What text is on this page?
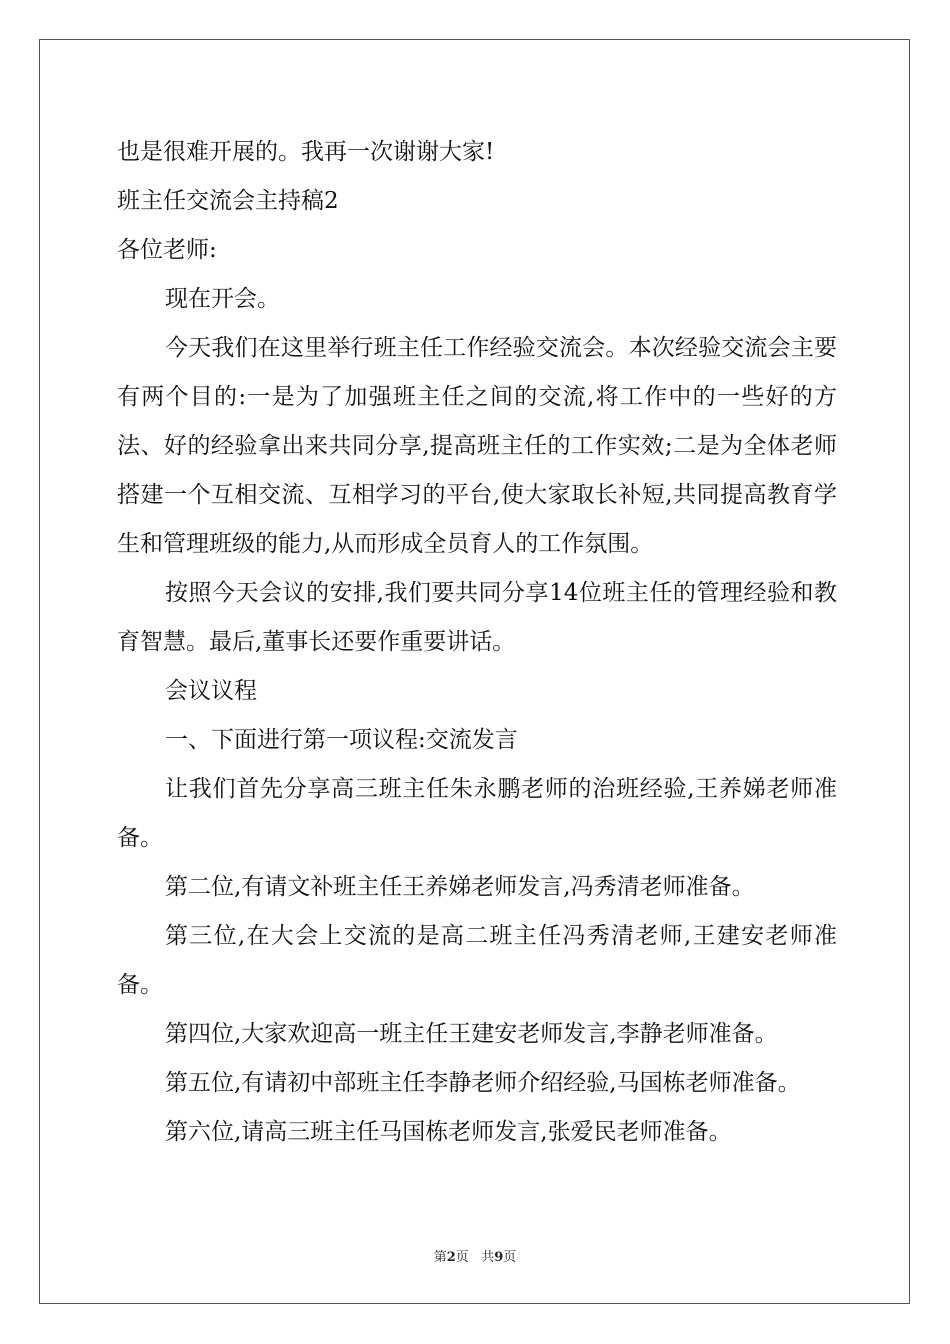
也是很难开展的。我再一次谢谢大家!

班主任交流会主持稿2

各位老师:

现在开会。

今天我们在这里举行班主任工作经验交流会。本次经验交流会主要有两个目的:一是为了加强班主任之间的交流,将工作中的一些好的方法、好的经验拿出来共同分享,提高班主任的工作实效;二是为全体老师搭建一个互相交流、互相学习的平台,使大家取长补短,共同提高教育学生和管理班级的能力,从而形成全员育人的工作氛围。

按照今天会议的安排,我们要共同分享14位班主任的管理经验和教育智慧。最后,董事长还要作重要讲话。

会议议程

一、下面进行第一项议程:交流发言

让我们首先分享高三班主任朱永鹏老师的治班经验,王养娣老师准备。

第二位,有请文补班主任王养娣老师发言,冯秀清老师准备。

第三位,在大会上交流的是高二班主任冯秀清老师,王建安老师准备。

第四位,大家欢迎高一班主任王建安老师发言,李静老师准备。

第五位,有请初中部班主任李静老师介绍经验,马国栋老师准备。

第六位,请高三班主任马国栋老师发言,张爱民老师准备。

第2页 共9页
